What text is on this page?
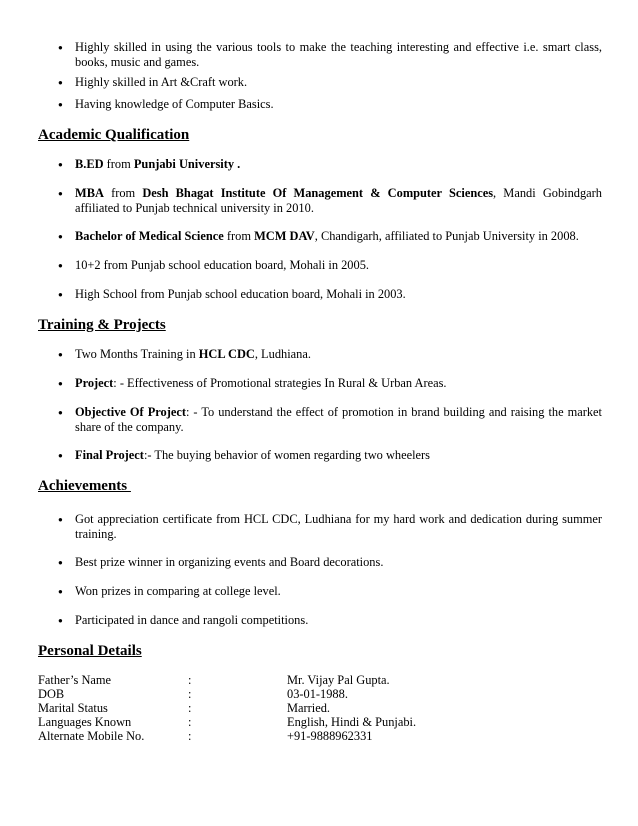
● Highly skilled in using the various tools to make the teaching interesting and effective i.e. smart class, books, music and games.
● Highly skilled in Art &Craft work.
● Having knowledge of Computer Basics.
Academic Qualification
● B.ED from Punjabi University .
● MBA from Desh Bhagat Institute Of Management & Computer Sciences, Mandi Gobindgarh affiliated to Punjab technical university in 2010.
● Bachelor of Medical Science from MCM DAV, Chandigarh, affiliated to Punjab University in 2008.
● 10+2 from Punjab school education board, Mohali in 2005.
● High School from Punjab school education board, Mohali in 2003.
Training & Projects
● Two Months Training in HCL CDC, Ludhiana.
● Project: - Effectiveness of Promotional strategies In Rural & Urban Areas.
● Objective Of Project: - To understand the effect of promotion in brand building and raising the market share of the company.
● Final Project:- The buying behavior of women regarding two wheelers
Achievements
● Got appreciation certificate from HCL CDC, Ludhiana for my hard work and dedication during summer training.
● Best prize winner in organizing events and Board decorations.
● Won prizes in comparing at college level.
● Participated in dance and rangoli competitions.
Personal Details
Father’s Name	:	Mr. Vijay Pal Gupta.
DOB	:	03-01-1988.
Marital Status	:	Married.
Languages Known	:	English, Hindi & Punjabi.
Alternate Mobile No.	:	+91-9888962331
